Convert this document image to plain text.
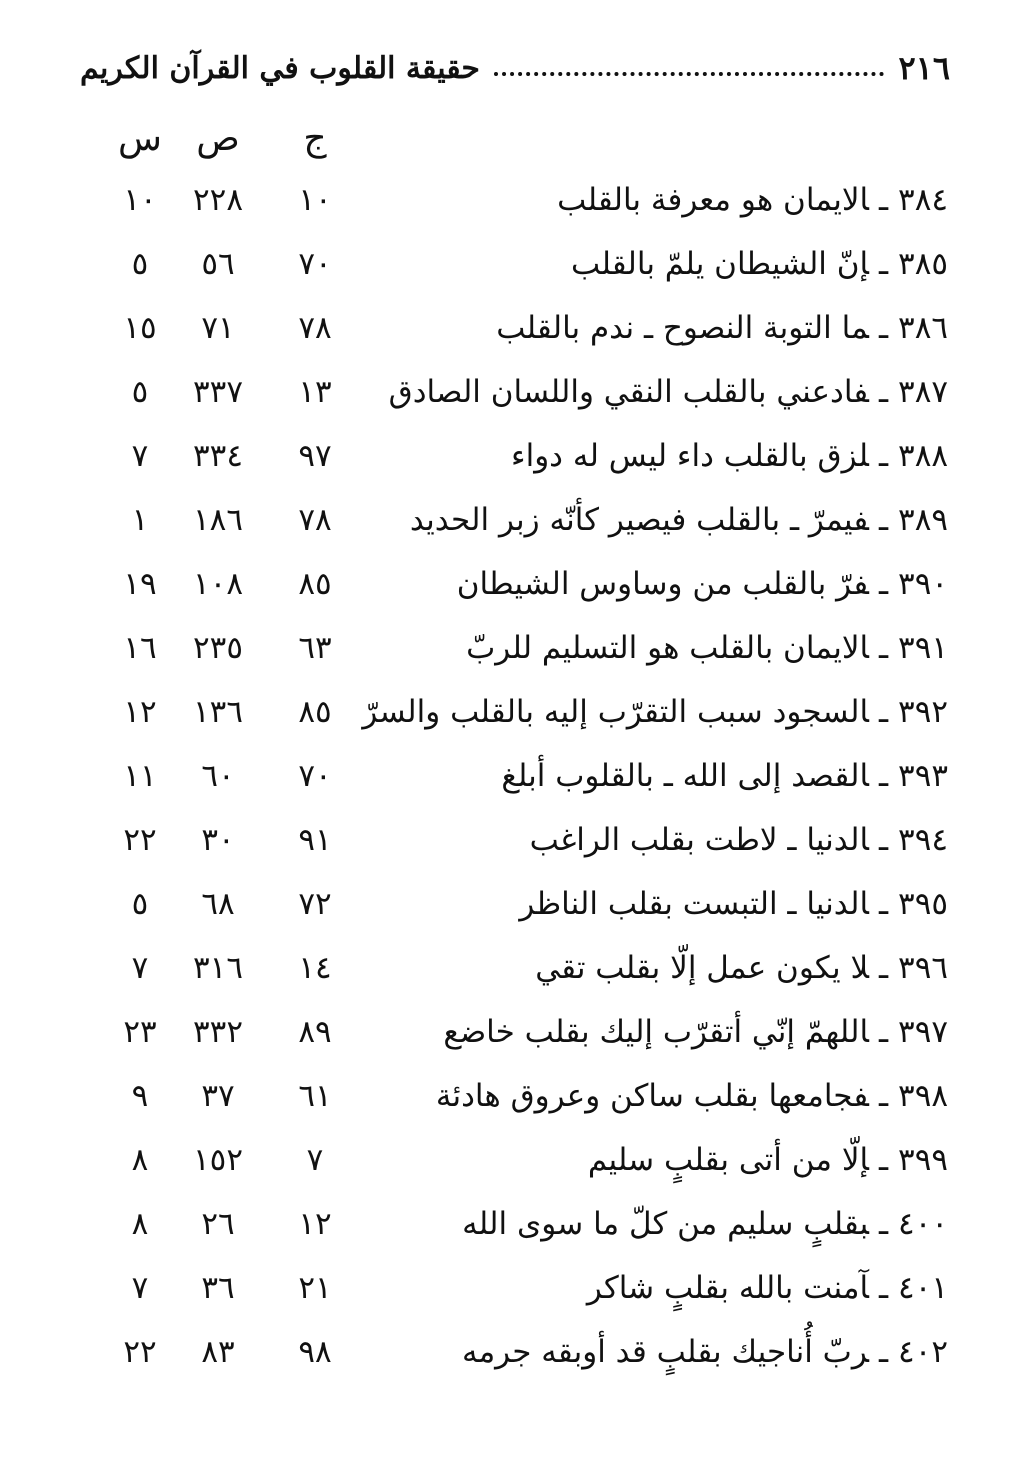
٢١٦
حقيقة القلوب في القرآن الكريم
ج
ص
س
٣٨٤ـالايمان هو معرفة بالقلب
١٠
٢٢٨
١٠
٣٨٥ـإنّ الشيطان يلمّ بالقلب
٧٠
٥٦
٥
٣٨٦ـما التوبة النصوح ـ ندم بالقلب
٧٨
٧١
١٥
٣٨٧ـفادعني بالقلب النقي واللسان الصادق
١٣
٣٣٧
٥
٣٨٨ـلزق بالقلب داء ليس له دواء
٩٧
٣٣٤
٧
٣٨٩ـفيمرّ ـ بالقلب فيصير كأنّه زبر الحديد
٧٨
١٨٦
١
٣٩٠ـفرّ بالقلب من وساوس الشيطان
٨٥
١٠٨
١٩
٣٩١ـالايمان بالقلب هو التسليم للربّ
٦٣
٢٣٥
١٦
٣٩٢ـالسجود سبب التقرّب إليه بالقلب والسرّ
٨٥
١٣٦
١٢
٣٩٣ـالقصد إلى الله ـ بالقلوب أبلغ
٧٠
٦٠
١١
٣٩٤ـالدنيا ـ لاطت بقلب الراغب
٩١
٣٠
٢٢
٣٩٥ـالدنيا ـ التبست بقلب الناظر
٧٢
٦٨
٥
٣٩٦ـلا يكون عمل إلّا بقلب تقي
١٤
٣١٦
٧
٣٩٧ـاللهمّ إنّي أتقرّب إليك بقلب خاضع
٨٩
٣٣٢
٢٣
٣٩٨ـفجامعها بقلب ساكن وعروق هادئة
٦١
٣٧
٩
٣٩٩ـإلّا من أتى بقلبٍ سليم
٧
١٥٢
٨
٤٠٠ـبقلبٍ سليم من كلّ ما سوى الله
١٢
٢٦
٨
٤٠١ـآمنت بالله بقلبٍ شاكر
٢١
٣٦
٧
٤٠٢ـربّ أُناجيك بقلبٍ قد أوبقه جرمه
٩٨
٨٣
٢٢
